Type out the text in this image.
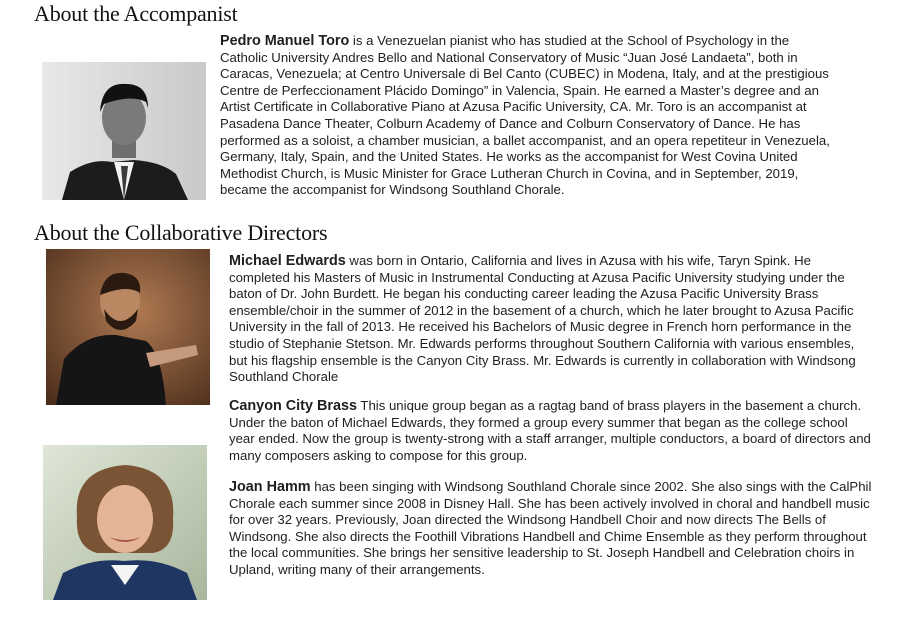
About the Accompanist

Pedro Manuel Toro is a Venezuelan pianist who has studied at the School of Psychology in the Catholic University Andres Bello and National Conservatory of Music “Juan José Landaeta”, both in Caracas, Venezuela; at Centro Universale di Bel Canto (CUBEC) in Modena, Italy, and at the prestigious Centre de Perfeccionament Plácido Domingo” in Valencia, Spain. He earned a Master’s degree and an Artist Certificate in Collaborative Piano at Azusa Pacific University, CA. Mr. Toro is an accompanist at Pasadena Dance Theater, Colburn Academy of Dance and Colburn Conservatory of Dance. He has performed as a soloist, a chamber musician, a ballet accompanist, and an opera repetiteur in Venezuela, Germany, Italy, Spain, and the United States. He works as the accompanist for West Covina United Methodist Church, is Music Minister for Grace Lutheran Church in Covina, and in September, 2019, became the accompanist for Windsong Southland Chorale.

About the Collaborative Directors

Michael Edwards was born in Ontario, California and lives in Azusa with his wife, Taryn Spink. He completed his Masters of Music in Instrumental Conducting at Azusa Pacific University studying under the baton of Dr. John Burdett. He began his conducting career leading the Azusa Pacific University Brass ensemble/choir in the summer of 2012 in the basement of a church, which he later brought to Azusa Pacific University in the fall of 2013. He received his Bachelors of Music degree in French horn performance in the studio of Stephanie Stetson. Mr. Edwards performs throughout Southern California with various ensembles, but his flagship ensemble is the Canyon City Brass. Mr. Edwards is currently in collaboration with Windsong Southland Chorale

Canyon City Brass This unique group began as a ragtag band of brass players in the basement a church. Under the baton of Michael Edwards, they formed a group every summer that began as the college school year ended. Now the group is twenty-strong with a staff arranger, multiple conductors, a board of directors and many composers asking to compose for this group.

Joan Hamm has been singing with Windsong Southland Chorale since 2002. She also sings with the CalPhil Chorale each summer since 2008 in Disney Hall. She has been actively involved in choral and handbell music for over 32 years. Previously, Joan directed the Windsong Handbell Choir and now directs The Bells of Windsong. She also directs the Foothill Vibrations Handbell and Chime Ensemble as they perform throughout the local communities. She brings her sensitive leadership to St. Joseph Handbell and Celebration choirs in Upland, writing many of their arrangements.
